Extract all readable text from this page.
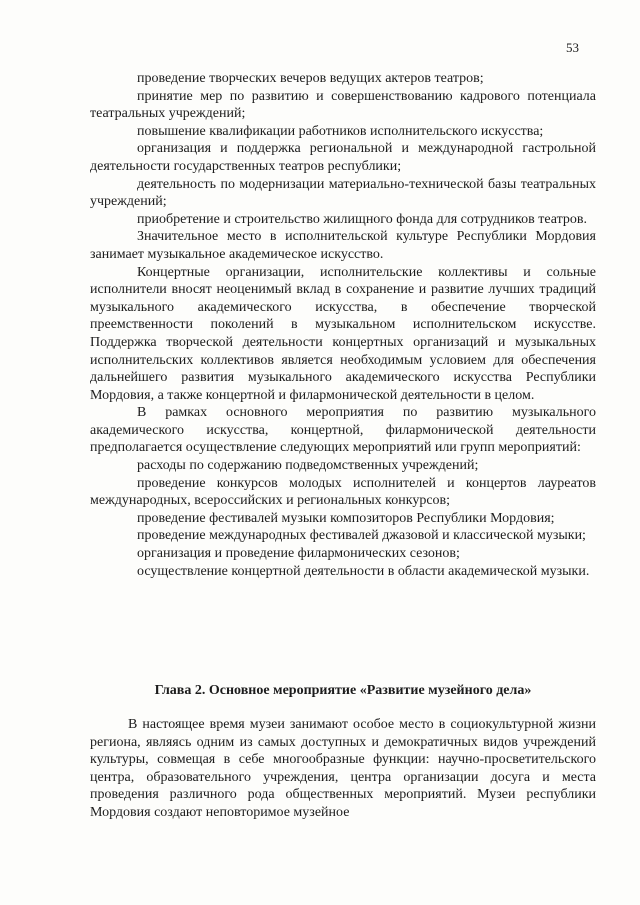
53

проведение творческих вечеров ведущих актеров театров;

принятие мер по развитию и совершенствованию кадрового потенциала театральных учреждений;

повышение квалификации работников исполнительского искусства;

организация и поддержка региональной и международной гастрольной деятельности государственных театров республики;

деятельность по модернизации материально-технической базы театральных учреждений;

приобретение и строительство жилищного фонда для сотрудников театров.

Значительное место в исполнительской культуре Республики Мордовия занимает музыкальное академическое искусство.

Концертные организации, исполнительские коллективы и сольные исполнители вносят неоценимый вклад в сохранение и развитие лучших традиций музыкального академического искусства, в обеспечение творческой преемственности поколений в музыкальном исполнительском искусстве. Поддержка творческой деятельности концертных организаций и музыкальных исполнительских коллективов является необходимым условием для обеспечения дальнейшего развития музыкального академического искусства Республики Мордовия, а также концертной и филармонической деятельности в целом.

В рамках основного мероприятия по развитию музыкального академического искусства, концертной, филармонической деятельности предполагается осуществление следующих мероприятий или групп мероприятий:

расходы по содержанию подведомственных учреждений;

проведение конкурсов молодых исполнителей и концертов лауреатов международных, всероссийских и региональных конкурсов;

проведение фестивалей музыки композиторов Республики Мордовия;

проведение международных фестивалей джазовой и классической музыки;

организация и проведение филармонических сезонов;

осуществление концертной деятельности в области академической музыки.

Глава 2. Основное мероприятие «Развитие музейного дела»

В настоящее время музеи занимают особое место в социокультурной жизни региона, являясь одним из самых доступных и демократичных видов учреждений культуры, совмещая в себе многообразные функции: научно-просветительского центра, образовательного учреждения, центра организации досуга и места проведения различного рода общественных мероприятий. Музеи республики Мордовия создают неповторимое музейное
